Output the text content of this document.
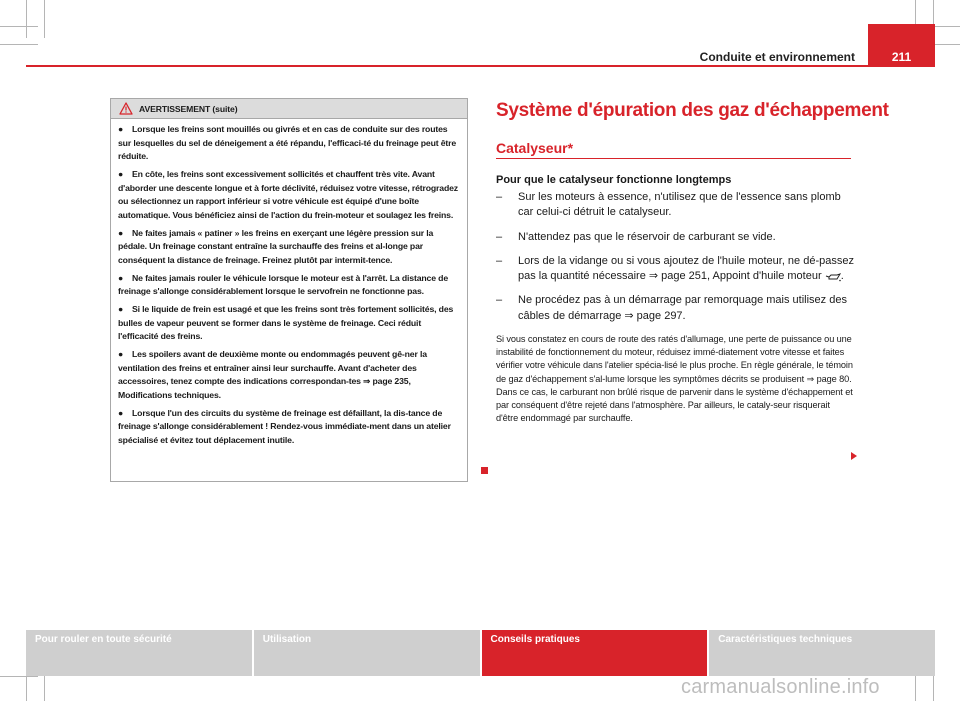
Conduite et environnement	211
AVERTISSEMENT (suite)

● Lorsque les freins sont mouillés ou givrés et en cas de conduite sur des routes sur lesquelles du sel de déneigement a été répandu, l'efficaci-té du freinage peut être réduite.

● En côte, les freins sont excessivement sollicités et chauffent très vite. Avant d'aborder une descente longue et à forte déclivité, réduisez votre vitesse, rétrogradez ou sélectionnez un rapport inférieur si votre véhicule est équipé d'une boîte automatique. Vous bénéficiez ainsi de l'action du frein-moteur et soulagez les freins.

● Ne faites jamais « patiner » les freins en exerçant une légère pression sur la pédale. Un freinage constant entraîne la surchauffe des freins et al-longe par conséquent la distance de freinage. Freinez plutôt par intermit-tence.

● Ne faites jamais rouler le véhicule lorsque le moteur est à l'arrêt. La distance de freinage s'allonge considérablement lorsque le servofrein ne fonctionne pas.

● Si le liquide de frein est usagé et que les freins sont très fortement sollicités, des bulles de vapeur peuvent se former dans le système de freinage. Ceci réduit l'efficacité des freins.

● Les spoilers avant de deuxième monte ou endommagés peuvent gê-ner la ventilation des freins et entraîner ainsi leur surchauffe. Avant d'acheter des accessoires, tenez compte des indications correspondan-tes ⇒ page 235, Modifications techniques.

● Lorsque l'un des circuits du système de freinage est défaillant, la dis-tance de freinage s'allonge considérablement ! Rendez-vous immédiate-ment dans un atelier spécialisé et évitez tout déplacement inutile.

Système d'épuration des gaz d'échappement
Catalyseur*

Pour que le catalyseur fonctionne longtemps

– Sur les moteurs à essence, n'utilisez que de l'essence sans plomb car celui-ci détruit le catalyseur.

– N'attendez pas que le réservoir de carburant se vide.

– Lors de la vidange ou si vous ajoutez de l'huile moteur, ne dé-passez pas la quantité nécessaire ⇒ page 251, Appoint d'huile moteur .

– Ne procédez pas à un démarrage par remorquage mais utilisez des câbles de démarrage ⇒ page 297.

Si vous constatez en cours de route des ratés d'allumage, une perte de puissance ou une instabilité de fonctionnement du moteur, réduisez immé-diatement votre vitesse et faites vérifier votre véhicule dans l'atelier spécia-lisé le plus proche. En règle générale, le témoin de gaz d'échappement s'al-lume lorsque les symptômes décrits se produisent ⇒ page 80. Dans ce cas, le carburant non brûlé risque de parvenir dans le système d'échappement et par conséquent d'être rejeté dans l'atmosphère. Par ailleurs, le cataly-seur risquerait d'être endommagé par surchauffe.

Pour rouler en toute sécurité	Utilisation	Conseils pratiques	Caractéristiques techniques
carmanualsonline.info
